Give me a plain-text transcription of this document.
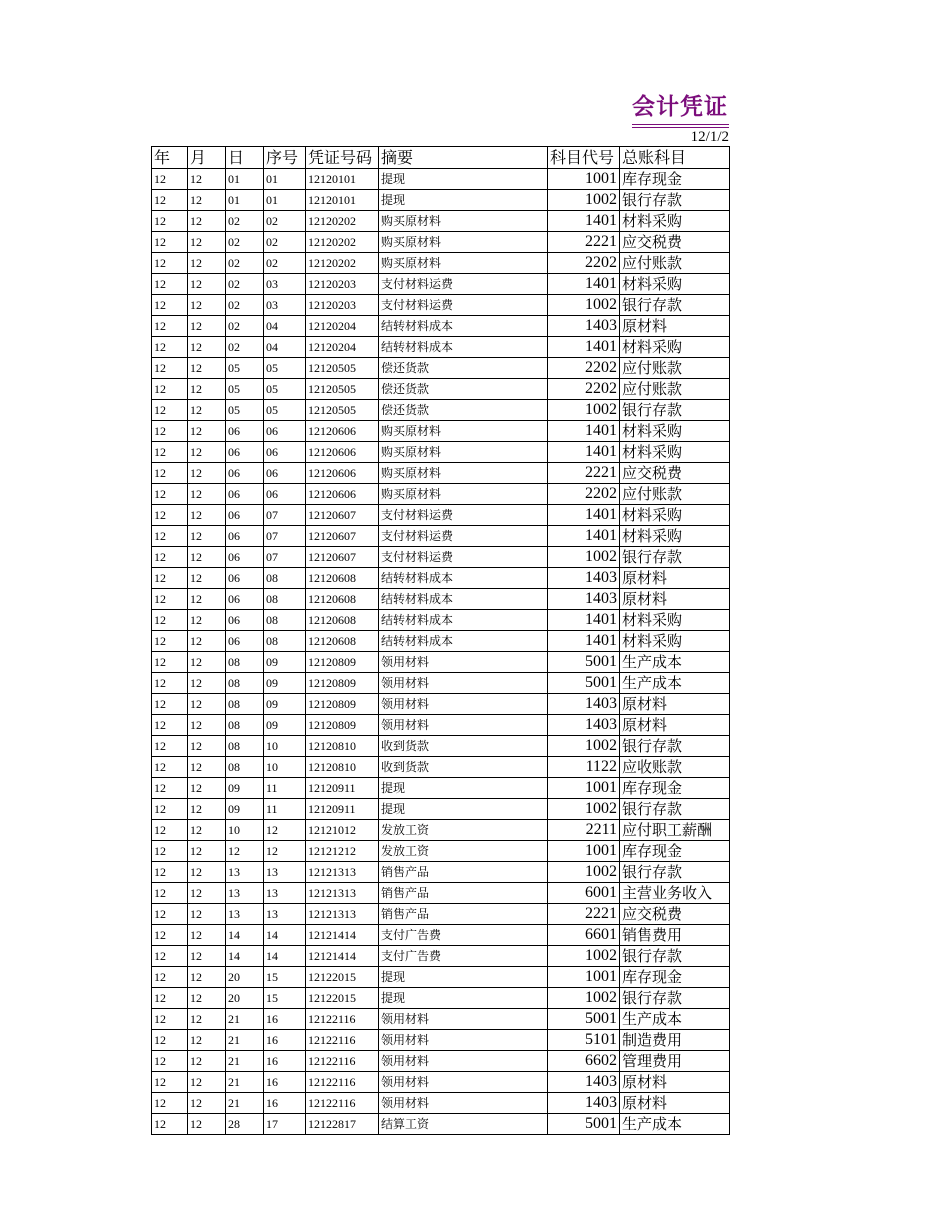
会计凭证
12/1/2
年	月	日	序号	凭证号码	摘要	科目代号	总账科目
12	12	01	01	12120101	提现	1001	库存现金
12	12	01	01	12120101	提现	1002	银行存款
12	12	02	02	12120202	购买原材料	1401	材料采购
12	12	02	02	12120202	购买原材料	2221	应交税费
12	12	02	02	12120202	购买原材料	2202	应付账款
12	12	02	03	12120203	支付材料运费	1401	材料采购
12	12	02	03	12120203	支付材料运费	1002	银行存款
12	12	02	04	12120204	结转材料成本	1403	原材料
12	12	02	04	12120204	结转材料成本	1401	材料采购
12	12	05	05	12120505	偿还货款	2202	应付账款
12	12	05	05	12120505	偿还货款	2202	应付账款
12	12	05	05	12120505	偿还货款	1002	银行存款
12	12	06	06	12120606	购买原材料	1401	材料采购
12	12	06	06	12120606	购买原材料	1401	材料采购
12	12	06	06	12120606	购买原材料	2221	应交税费
12	12	06	06	12120606	购买原材料	2202	应付账款
12	12	06	07	12120607	支付材料运费	1401	材料采购
12	12	06	07	12120607	支付材料运费	1401	材料采购
12	12	06	07	12120607	支付材料运费	1002	银行存款
12	12	06	08	12120608	结转材料成本	1403	原材料
12	12	06	08	12120608	结转材料成本	1403	原材料
12	12	06	08	12120608	结转材料成本	1401	材料采购
12	12	06	08	12120608	结转材料成本	1401	材料采购
12	12	08	09	12120809	领用材料	5001	生产成本
12	12	08	09	12120809	领用材料	5001	生产成本
12	12	08	09	12120809	领用材料	1403	原材料
12	12	08	09	12120809	领用材料	1403	原材料
12	12	08	10	12120810	收到货款	1002	银行存款
12	12	08	10	12120810	收到货款	1122	应收账款
12	12	09	11	12120911	提现	1001	库存现金
12	12	09	11	12120911	提现	1002	银行存款
12	12	10	12	12121012	发放工资	2211	应付职工薪酬
12	12	12	12	12121212	发放工资	1001	库存现金
12	12	13	13	12121313	销售产品	1002	银行存款
12	12	13	13	12121313	销售产品	6001	主营业务收入
12	12	13	13	12121313	销售产品	2221	应交税费
12	12	14	14	12121414	支付广告费	6601	销售费用
12	12	14	14	12121414	支付广告费	1002	银行存款
12	12	20	15	12122015	提现	1001	库存现金
12	12	20	15	12122015	提现	1002	银行存款
12	12	21	16	12122116	领用材料	5001	生产成本
12	12	21	16	12122116	领用材料	5101	制造费用
12	12	21	16	12122116	领用材料	6602	管理费用
12	12	21	16	12122116	领用材料	1403	原材料
12	12	21	16	12122116	领用材料	1403	原材料
12	12	28	17	12122817	结算工资	5001	生产成本
